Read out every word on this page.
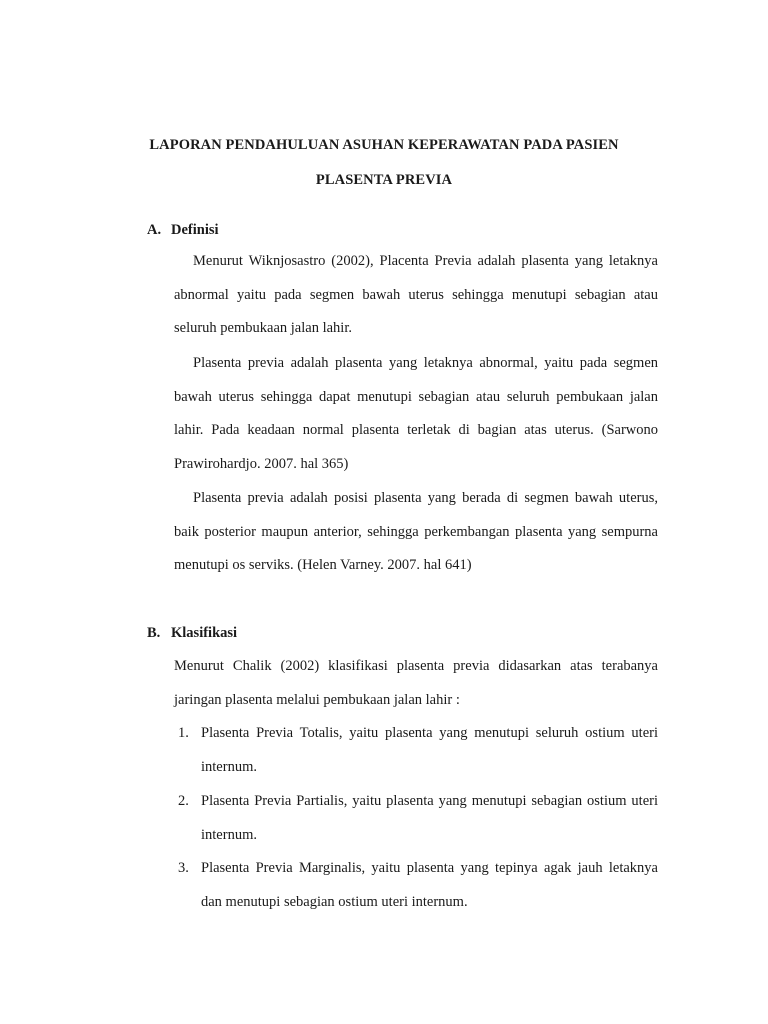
LAPORAN PENDAHULUAN ASUHAN KEPERAWATAN PADA PASIEN
PLASENTA PREVIA
A. Definisi

Menurut Wiknjosastro (2002), Placenta Previa adalah plasenta yang letaknya abnormal yaitu pada segmen bawah uterus sehingga menutupi sebagian atau seluruh pembukaan jalan lahir.

Plasenta previa adalah plasenta yang letaknya abnormal, yaitu pada segmen bawah uterus sehingga dapat menutupi sebagian atau seluruh pembukaan jalan lahir. Pada keadaan normal plasenta terletak di bagian atas uterus. (Sarwono Prawirohardjo. 2007. hal 365)

Plasenta previa adalah posisi plasenta yang berada di segmen bawah uterus, baik posterior maupun anterior, sehingga perkembangan plasenta yang sempurna menutupi os serviks. (Helen Varney. 2007. hal 641)

B. Klasifikasi

Menurut Chalik (2002) klasifikasi plasenta previa didasarkan atas terabanya jaringan plasenta melalui pembukaan jalan lahir :

1. Plasenta Previa Totalis, yaitu plasenta yang menutupi seluruh ostium uteri internum.
2. Plasenta Previa Partialis, yaitu plasenta yang menutupi sebagian ostium uteri internum.
3. Plasenta Previa Marginalis, yaitu plasenta yang tepinya agak jauh letaknya dan menutupi sebagian ostium uteri internum.
